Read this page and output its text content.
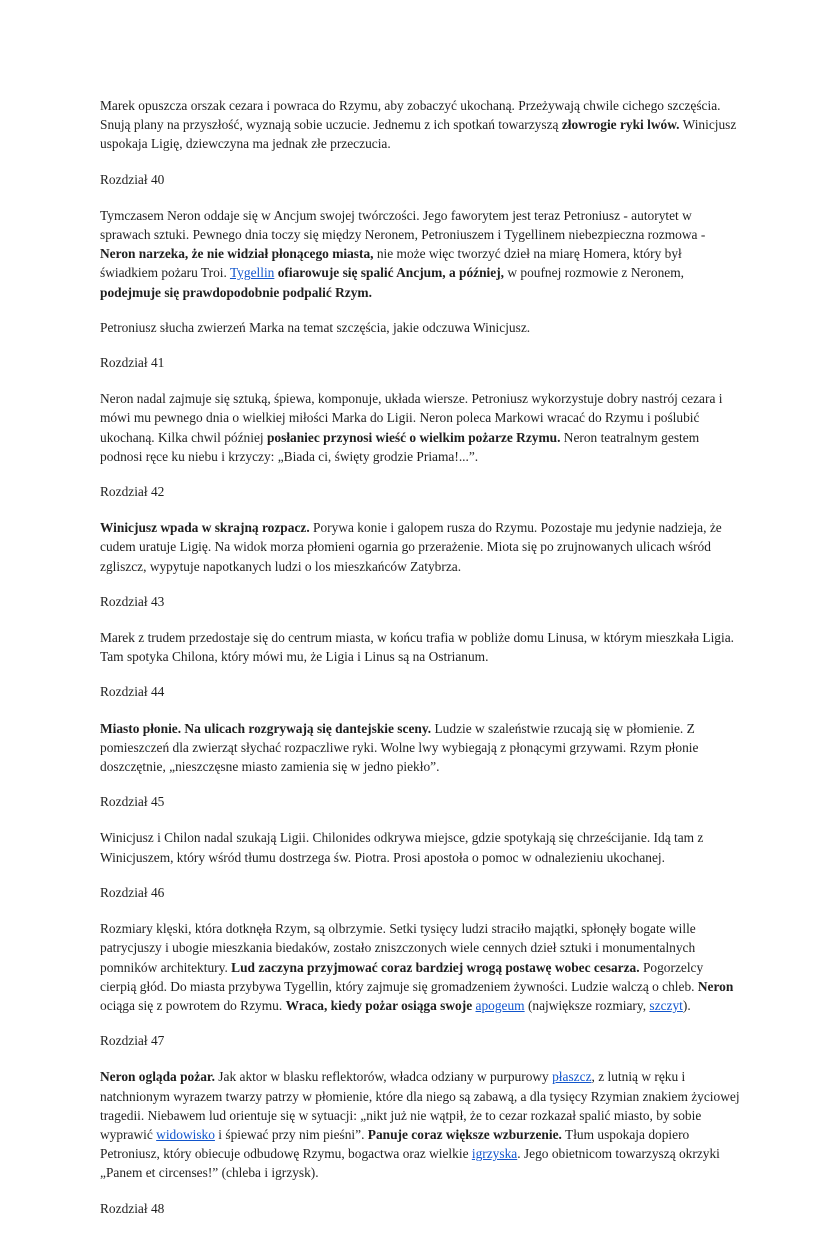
Marek opuszcza orszak cezara i powraca do Rzymu, aby zobaczyć ukochaną. Przeżywają chwile cichego szczęścia. Snują plany na przyszłość, wyznają sobie uczucie. Jednemu z ich spotkań towarzyszą złowrogie ryki lwów. Winicjusz uspokaja Ligię, dziewczyna ma jednak złe przeczucia.

Rozdział 40

Tymczasem Neron oddaje się w Ancjum swojej twórczości. Jego faworytem jest teraz Petroniusz - autorytet w sprawach sztuki. Pewnego dnia toczy się między Neronem, Petroniuszem i Tygellinem niebezpieczna rozmowa - Neron narzeka, że nie widział płonącego miasta, nie może więc tworzyć dzieł na miarę Homera, który był świadkiem pożaru Troi. Tygellin ofiarowuje się spalić Ancjum, a później, w poufnej rozmowie z Neronem, podejmuje się prawdopodobnie podpalić Rzym.

Petroniusz słucha zwierzeń Marka na temat szczęścia, jakie odczuwa Winicjusz.

Rozdział 41

Neron nadal zajmuje się sztuką, śpiewa, komponuje, układa wiersze. Petroniusz wykorzystuje dobry nastrój cezara i mówi mu pewnego dnia o wielkiej miłości Marka do Ligii. Neron poleca Markowi wracać do Rzymu i poślubić ukochaną. Kilka chwil później posłaniec przynosi wieść o wielkim pożarze Rzymu. Neron teatralnym gestem podnosi ręce ku niebu i krzyczy: „Biada ci, święty grodzie Priama!...”.

Rozdział 42

Winicjusz wpada w skrajną rozpacz. Porywa konie i galopem rusza do Rzymu. Pozostaje mu jedynie nadzieja, że cudem uratuje Ligię. Na widok morza płomieni ogarnia go przerażenie. Miota się po zrujnowanych ulicach wśród zgliszcz, wypytuje napotkanych ludzi o los mieszkańców Zatybrza.

Rozdział 43

Marek z trudem przedostaje się do centrum miasta, w końcu trafia w pobliże domu Linusa, w którym mieszkała Ligia. Tam spotyka Chilona, który mówi mu, że Ligia i Linus są na Ostrianum.

Rozdział 44

Miasto płonie. Na ulicach rozgrywają się dantejskie sceny. Ludzie w szaleństwie rzucają się w płomienie. Z pomieszczeń dla zwierząt słychać rozpaczliwe ryki. Wolne lwy wybiegają z płonącymi grzywami. Rzym płonie doszczętnie, „nieszczęsne miasto zamienia się w jedno piekło”.

Rozdział 45

Winicjusz i Chilon nadal szukają Ligii. Chilonides odkrywa miejsce, gdzie spotykają się chrześcijanie. Idą tam z Winicjuszem, który wśród tłumu dostrzega św. Piotra. Prosi apostoła o pomoc w odnalezieniu ukochanej.

Rozdział 46

Rozmiary klęski, która dotknęła Rzym, są olbrzymie. Setki tysięcy ludzi straciło majątki, spłonęły bogate wille patrycjuszy i ubogie mieszkania biedaków, zostało zniszczonych wiele cennych dzieł sztuki i monumentalnych pomników architektury. Lud zaczyna przyjmować coraz bardziej wrogą postawę wobec cesarza. Pogorzelcy cierpią głód. Do miasta przybywa Tygellin, który zajmuje się gromadzeniem żywności. Ludzie walczą o chleb. Neron ociąga się z powrotem do Rzymu. Wraca, kiedy pożar osiąga swoje apogeum (największe rozmiary, szczyt).

Rozdział 47

Neron ogląda pożar. Jak aktor w blasku reflektorów, władca odziany w purpurowy płaszcz, z lutnią w ręku i natchnionym wyrazem twarzy patrzy w płomienie, które dla niego są zabawą, a dla tysięcy Rzymian znakiem życiowej tragedii. Niebawem lud orientuje się w sytuacji: „nikt już nie wątpił, że to cezar rozkazał spalić miasto, by sobie wyprawić widowisko i śpiewać przy nim pieśni”. Panuje coraz większe wzburzenie. Tłum uspokaja dopiero Petroniusz, który obiecuje odbudowę Rzymu, bogactwa oraz wielkie igrzyska. Jego obietnicom towarzyszą okrzyki „Panem et circenses!” (chleba i igrzysk).

Rozdział 48
